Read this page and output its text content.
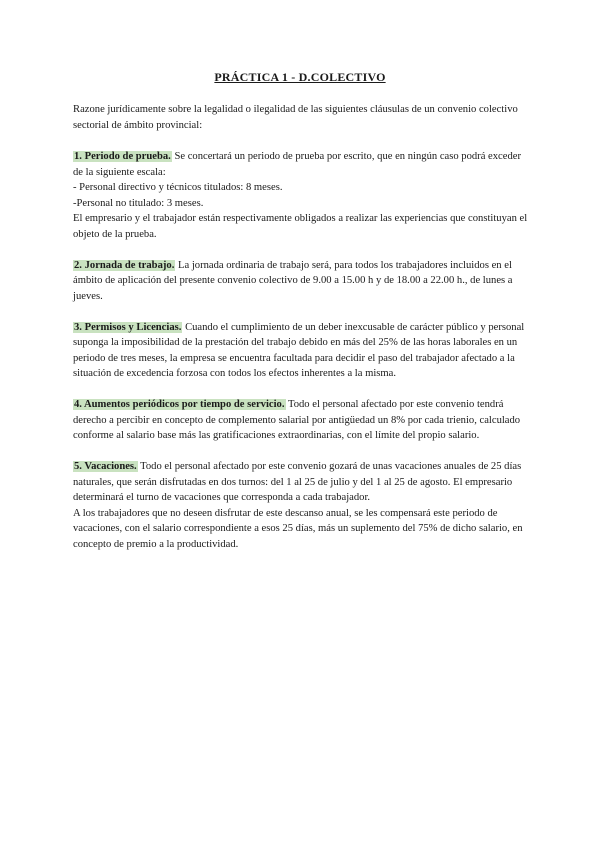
PRÁCTICA 1 - D.COLECTIVO

Razone jurídicamente sobre la legalidad o ilegalidad de las siguientes cláusulas de un convenio colectivo sectorial de ámbito provincial:

1. Periodo de prueba. Se concertará un periodo de prueba por escrito, que en ningún caso podrá exceder de la siguiente escala:

- Personal directivo y técnicos titulados: 8 meses.
-Personal no titulado: 3 meses.
El empresario y el trabajador están respectivamente obligados a realizar las experiencias que constituyan el objeto de la prueba.

2. Jornada de trabajo. La jornada ordinaria de trabajo será, para todos los trabajadores incluidos en el ámbito de aplicación del presente convenio colectivo de 9.00 a 15.00 h y de 18.00 a 22.00 h., de lunes a jueves.

3. Permisos y Licencias. Cuando el cumplimiento de un deber inexcusable de carácter público y personal suponga la imposibilidad de la prestación del trabajo debido en más del 25% de las horas laborales en un periodo de tres meses, la empresa se encuentra facultada para decidir el paso del trabajador afectado a la situación de excedencia forzosa con todos los efectos inherentes a la misma.

4. Aumentos periódicos por tiempo de servicio. Todo el personal afectado por este convenio tendrá derecho a percibir en concepto de complemento salarial por antigüedad un 8% por cada trienio, calculado conforme al salario base más las gratificaciones extraordinarias, con el límite del propio salario.

5. Vacaciones. Todo el personal afectado por este convenio gozará de unas vacaciones anuales de 25 días naturales, que serán disfrutadas en dos turnos: del 1 al 25 de julio y del 1 al 25 de agosto. El empresario determinará el turno de vacaciones que corresponda a cada trabajador.

A los trabajadores que no deseen disfrutar de este descanso anual, se les compensará este periodo de vacaciones, con el salario correspondiente a esos 25 días, más un suplemento del 75% de dicho salario, en concepto de premio a la productividad.
